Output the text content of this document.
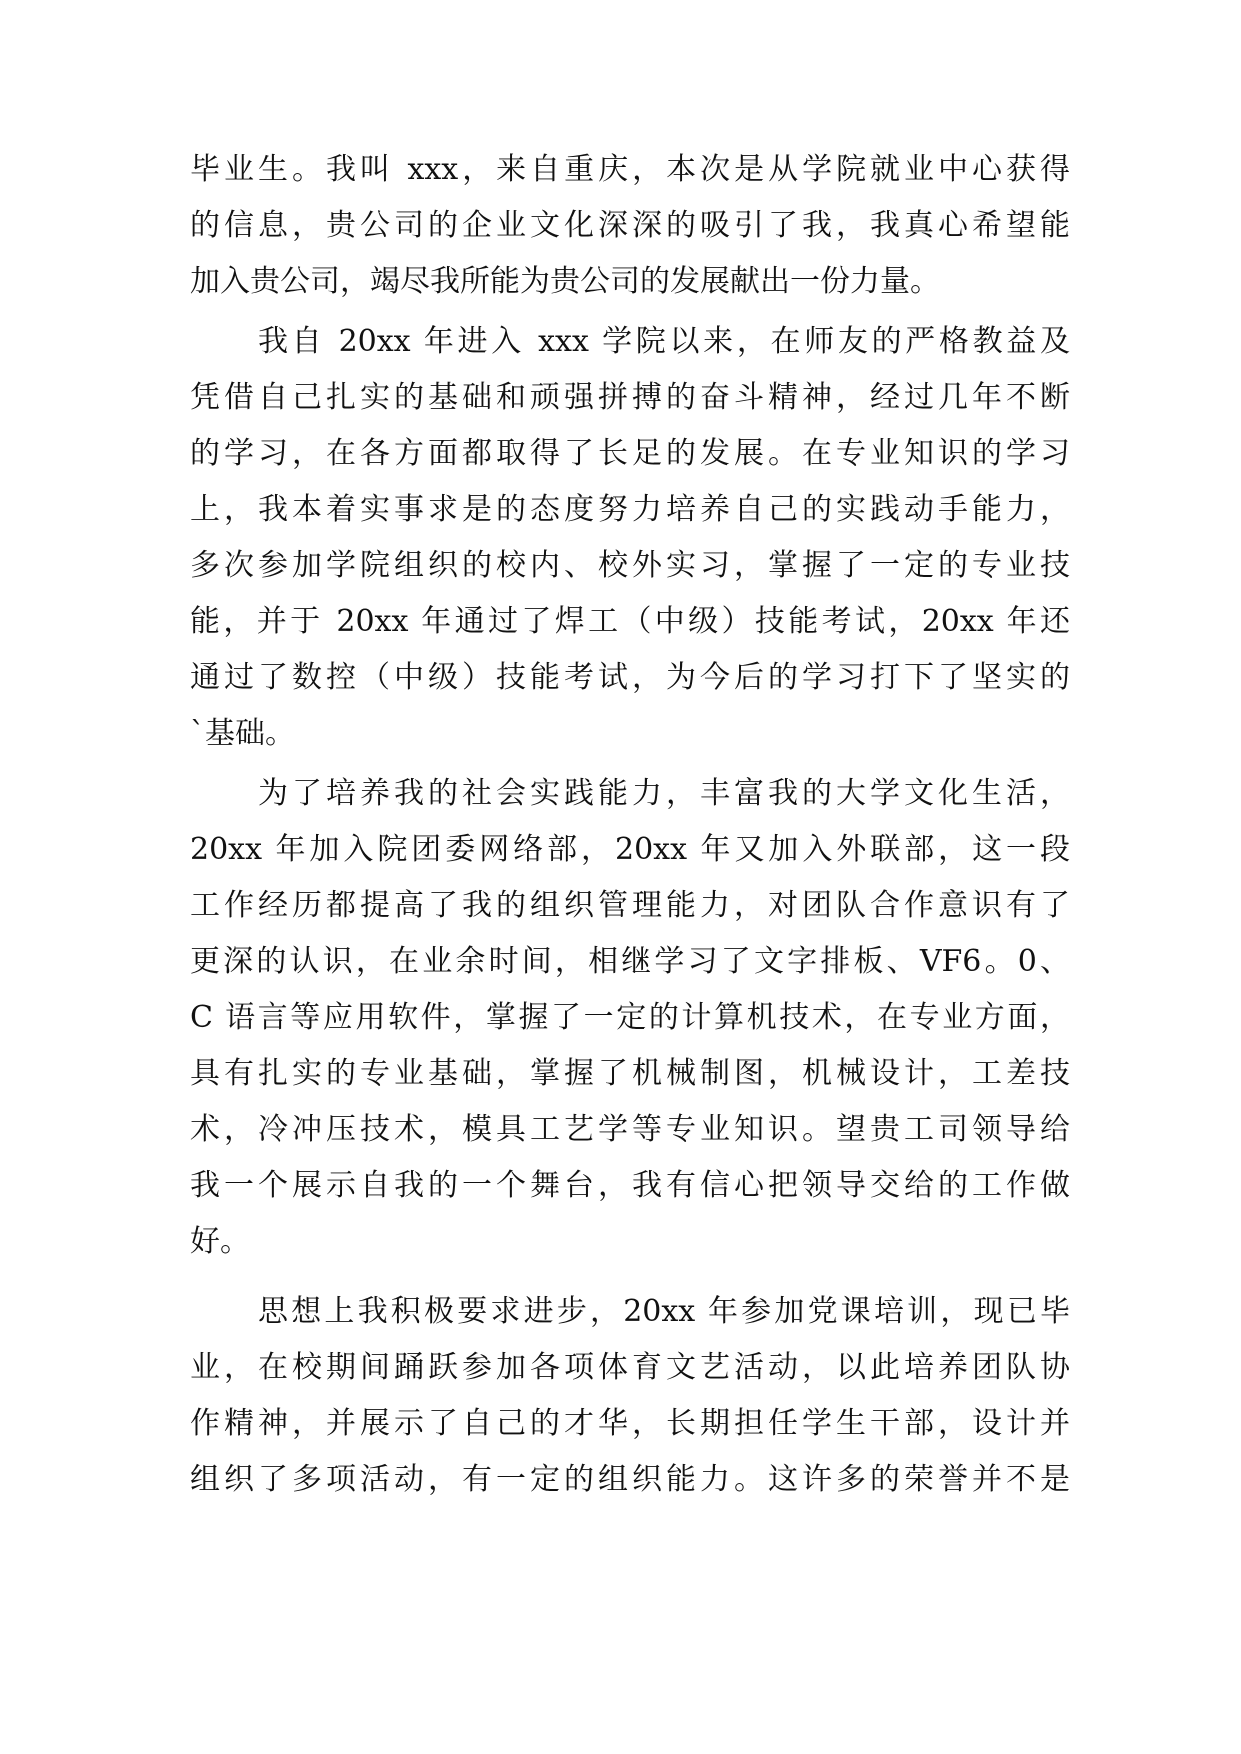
毕业生。我叫 xxx，来自重庆，本次是从学院就业中心获得
的信息，贵公司的企业文化深深的吸引了我，我真心希望能
加入贵公司，竭尽我所能为贵公司的发展献出一份力量。
我自 20xx 年进入 xxx 学院以来，在师友的严格教益及
凭借自己扎实的基础和顽强拼搏的奋斗精神，经过几年不断
的学习，在各方面都取得了长足的发展。在专业知识的学习
上，我本着实事求是的态度努力培养自己的实践动手能力，
多次参加学院组织的校内、校外实习，掌握了一定的专业技
能，并于 20xx 年通过了焊工（中级）技能考试，20xx 年还
通过了数控（中级）技能考试，为今后的学习打下了坚实的
`基础。
为了培养我的社会实践能力，丰富我的大学文化生活，
20xx 年加入院团委网络部，20xx 年又加入外联部，这一段
工作经历都提高了我的组织管理能力，对团队合作意识有了
更深的认识，在业余时间，相继学习了文字排板、VF6。0、
C 语言等应用软件，掌握了一定的计算机技术，在专业方面，
具有扎实的专业基础，掌握了机械制图，机械设计，工差技
术，冷冲压技术，模具工艺学等专业知识。望贵工司领导给
我一个展示自我的一个舞台，我有信心把领导交给的工作做
好。
思想上我积极要求进步，20xx 年参加党课培训，现已毕
业，在校期间踊跃参加各项体育文艺活动，以此培养团队协
作精神，并展示了自己的才华，长期担任学生干部，设计并
组织了多项活动，有一定的组织能力。这许多的荣誉并不是
